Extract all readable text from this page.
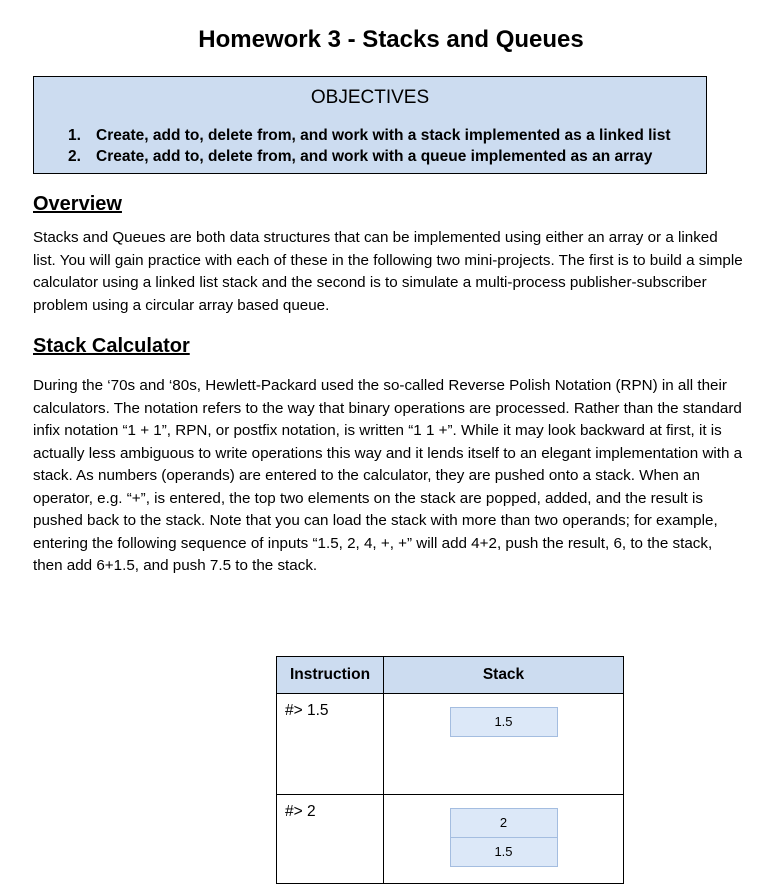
Homework 3 - Stacks and Queues
OBJECTIVES
1. Create, add to, delete from, and work with a stack implemented as a linked list
2. Create, add to, delete from, and work with a queue implemented as an array
Overview

Stacks and Queues are both data structures that can be implemented using either an array or a linked list. You will gain practice with each of these in the following two mini-projects. The first is to build a simple calculator using a linked list stack and the second is to simulate a multi-process publisher-subscriber problem using a circular array based queue.

Stack Calculator

During the ‘70s and ‘80s, Hewlett-Packard used the so-called Reverse Polish Notation (RPN) in all their calculators. The notation refers to the way that binary operations are processed. Rather than the standard infix notation “1 + 1”, RPN, or postfix notation, is written “1 1 +”. While it may look backward at first, it is actually less ambiguous to write operations this way and it lends itself to an elegant implementation with a stack. As numbers (operands) are entered to the calculator, they are pushed onto a stack. When an operator, e.g. “+”, is entered, the top two elements on the stack are popped, added, and the result is pushed back to the stack. Note that you can load the stack with more than two operands; for example, entering the following sequence of inputs “1.5, 2, 4, +, +” will add 4+2, push the result, 6, to the stack, then add 6+1.5, and push 7.5 to the stack.

Instruction	Stack
#> 1.5	1.5

#> 2	2
1.5
